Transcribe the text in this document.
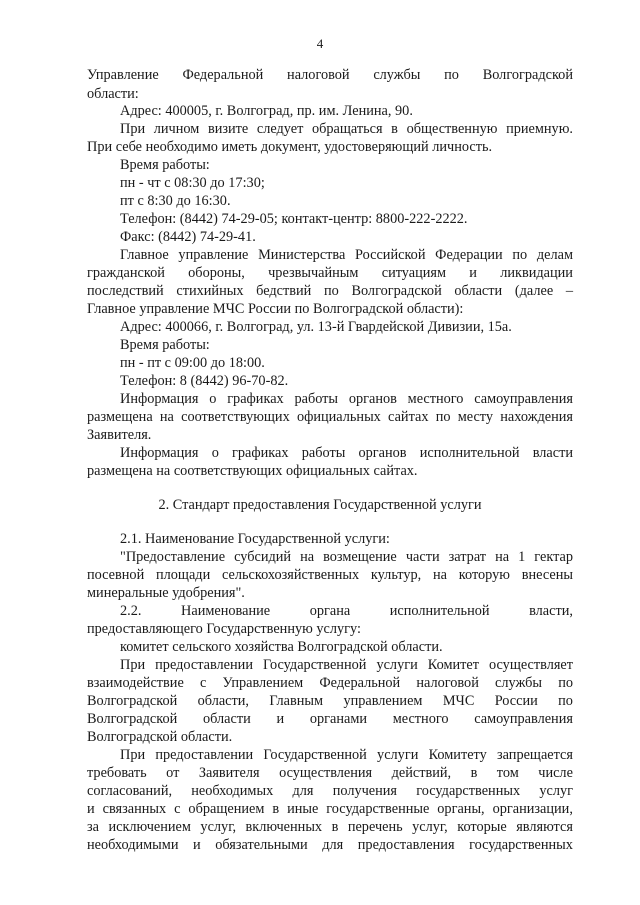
4
Управление Федеральной налоговой службы по Волгоградской
области:
Адрес: 400005, г. Волгоград, пр. им. Ленина, 90.
При личном визите следует обращаться в общественную приемную.
При себе необходимо иметь документ, удостоверяющий личность.
Время работы:
пн - чт с 08:30 до 17:30;
пт с 8:30 до 16:30.
Телефон: (8442) 74-29-05; контакт-центр: 8800-222-2222.
Факс: (8442) 74-29-41.
Главное управление Министерства Российской Федерации по делам
гражданской обороны, чрезвычайным ситуациям и ликвидации
последствий стихийных бедствий по Волгоградской области (далее –
Главное управление МЧС России по Волгоградской области):
Адрес: 400066, г. Волгоград, ул. 13-й Гвардейской Дивизии, 15а.
Время работы:
пн - пт с 09:00 до 18:00.
Телефон: 8 (8442) 96-70-82.
Информация о графиках работы органов местного самоуправления
размещена на соответствующих официальных сайтах по месту нахождения
Заявителя.
Информация о графиках работы органов исполнительной власти
размещена на соответствующих официальных сайтах.
2. Стандарт предоставления Государственной услуги
2.1. Наименование Государственной услуги:
"Предоставление субсидий на возмещение части затрат на 1 гектар
посевной площади сельскохозяйственных культур, на которую внесены
минеральные удобрения".
2.2.	Наименование	органа	исполнительной	власти,
предоставляющего Государственную услугу:
комитет сельского хозяйства Волгоградской области.
При предоставлении Государственной услуги Комитет осуществляет
взаимодействие с Управлением Федеральной налоговой службы по
Волгоградской области, Главным управлением МЧС России по
Волгоградской области и органами местного самоуправления
Волгоградской области.
При предоставлении Государственной услуги Комитету запрещается
требовать от Заявителя осуществления действий, в том числе
согласований, необходимых для получения государственных услуг
и связанных с обращением в иные государственные органы, организации,
за исключением услуг, включенных в перечень услуг, которые являются
необходимыми и обязательными для предоставления государственных
